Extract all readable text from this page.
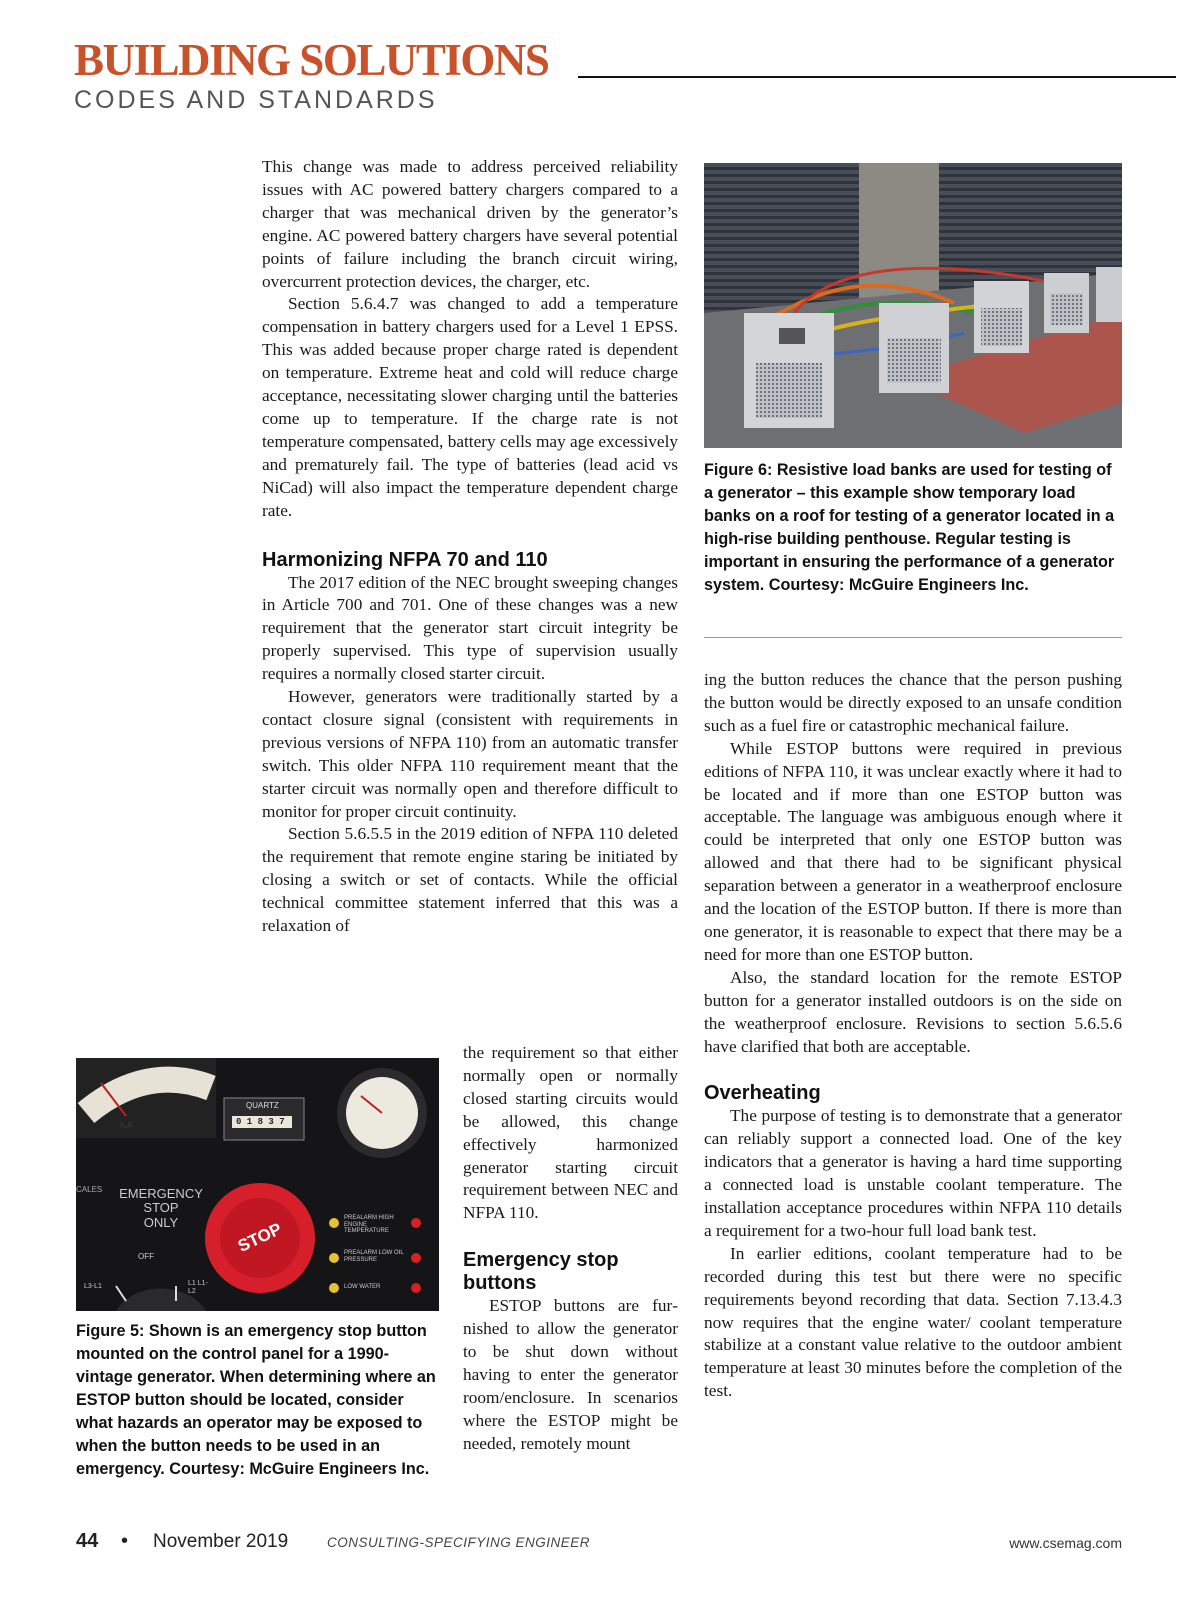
BUILDING SOLUTIONS
CODES AND STANDARDS

This change was made to address perceived reliability issues with AC powered battery chargers compared to a charger that was mechanical driven by the generator’s engine. AC powered battery chargers have several potential points of failure including the branch circuit wiring, overcurrent protection devices, the charger, etc.

Section 5.6.4.7 was changed to add a temperature compensation in battery chargers used for a Level 1 EPSS. This was added because proper charge rated is dependent on temperature. Extreme heat and cold will reduce charge acceptance, necessitating slower charging until the batteries come up to temperature. If the charge rate is not temperature compensated, battery cells may age excessively and prematurely fail. The type of batteries (lead acid vs NiCad) will also impact the temperature dependent charge rate.

Harmonizing NFPA 70 and 110

The 2017 edition of the NEC brought sweeping changes in Article 700 and 701. One of these changes was a new requirement that the generator start circuit integrity be properly supervised. This type of supervision usually requires a normally closed starter circuit.

However, generators were traditionally started by a contact closure signal (consistent with requirements in previous versions of NFPA 110) from an automatic transfer switch. This older NFPA 110 requirement meant that the starter circuit was normally open and therefore difficult to monitor for proper circuit continuity.

Section 5.6.5.5 in the 2019 edition of NFPA 110 deleted the requirement that remote engine staring be initiated by closing a switch or set of contacts. While the official technical committee statement inferred that this was a relaxation of

the requirement so that either normally open or normally closed starting circuits would be allowed, this change effectively harmonized generator starting circuit requirement between NEC and NFPA 110.

Emergency stop buttons

ESTOP buttons are furnished to allow the generator to be shut down without having to enter the generator room/enclosure. In scenarios where the ESTOP might be needed, remotely mount

Figure 6: Resistive load banks are used for testing of a generator – this example show temporary load banks on a roof for testing of a generator located in a high-rise building penthouse. Regular testing is important in ensuring the performance of a generator system. Courtesy: McGuire Engineers Inc.

ing the button reduces the chance that the person pushing the button would be directly exposed to an unsafe condition such as a fuel fire or catastrophic mechanical failure.

While ESTOP buttons were required in previous editions of NFPA 110, it was unclear exactly where it had to be located and if more than one ESTOP button was acceptable. The language was ambiguous enough where it could be interpreted that only one ESTOP button was allowed and that there had to be significant physical separation between a generator in a weatherproof enclosure and the location of the ESTOP button. If there is more than one generator, it is reasonable to expect that there may be a need for more than one ESTOP button.

Also, the standard location for the remote ESTOP button for a generator installed outdoors is on the side on the weatherproof enclosure. Revisions to section 5.6.5.6 have clarified that both are acceptable.

Overheating

The purpose of testing is to demonstrate that a generator can reliably support a connected load. One of the key indicators that a generator is having a hard time supporting a connected load is unstable coolant temperature. The installation acceptance procedures within NFPA 110 details a requirement for a two-hour full load bank test.

In earlier editions, coolant temperature had to be recorded during this test but there were no specific requirements beyond recording that data. Section 7.13.4.3 now requires that the engine water/ coolant temperature stabilize at a constant value relative to the outdoor ambient temperature at least 30 minutes before the completion of the test.

EMERGENCY
STOP
ONLY
CALES
OFF
L3-L1	L1 L1-L2
KA
QUARTZ
0 1 8 3 7
STOP
PREALARM HIGH ENGINE TEMPERATURE
PREALARM LOW OIL PRESSURE
LOW WATER

Figure 5: Shown is an emergency stop button mounted on the control panel for a 1990-vintage generator. When determining where an ESTOP button should be located, consider what hazards an operator may be exposed to when the button needs to be used in an emergency. Courtesy: McGuire Engineers Inc.

44 • November 2019	CONSULTING-SPECIFYING ENGINEER	www.csemag.com
